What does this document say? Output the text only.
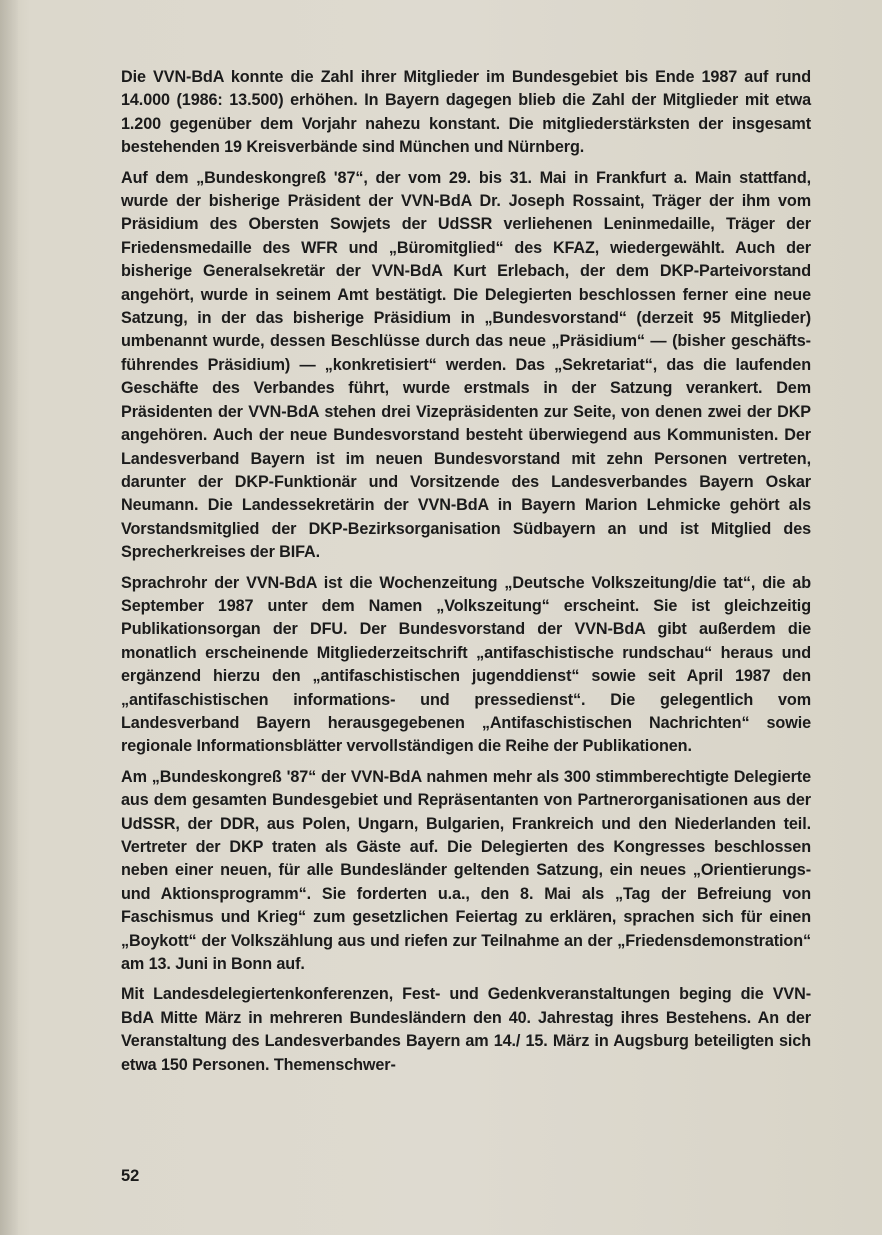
Die VVN-BdA konnte die Zahl ihrer Mitglieder im Bundesgebiet bis Ende 1987 auf rund 14.000 (1986: 13.500) erhöhen. In Bayern dagegen blieb die Zahl der Mitglieder mit etwa 1.200 gegenüber dem Vorjahr nahezu konstant. Die mitgliederstärksten der insgesamt bestehenden 19 Kreisverbände sind München und Nürnberg.

Auf dem „Bundeskongreß '87“, der vom 29. bis 31. Mai in Frankfurt a. Main stattfand, wurde der bisherige Präsident der VVN-BdA Dr. Joseph Rossaint, Träger der ihm vom Präsidium des Obersten Sowjets der UdSSR verliehenen Leninmedaille, Träger der Friedensmedaille des WFR und „Büromitglied“ des KFAZ, wiedergewählt. Auch der bisherige Generalsekretär der VVN-BdA Kurt Erlebach, der dem DKP-Parteivorstand angehört, wurde in seinem Amt bestätigt. Die Delegierten beschlossen ferner eine neue Satzung, in der das bisherige Präsidium in „Bundesvorstand“ (derzeit 95 Mitglieder) umbenannt wurde, dessen Beschlüsse durch das neue „Präsidium“ — (bisher geschäftsführendes Präsidium) — „konkretisiert“ werden. Das „Sekretariat“, das die laufenden Geschäfte des Verbandes führt, wurde erstmals in der Satzung verankert. Dem Präsidenten der VVN-BdA stehen drei Vizepräsidenten zur Seite, von denen zwei der DKP angehören. Auch der neue Bundesvorstand besteht überwiegend aus Kommunisten. Der Landesverband Bayern ist im neuen Bundesvorstand mit zehn Personen vertreten, darunter der DKP-Funktionär und Vorsitzende des Landesverbandes Bayern Oskar Neumann. Die Landessekretärin der VVN-BdA in Bayern Marion Lehmicke gehört als Vorstandsmitglied der DKP-Bezirksorganisation Südbayern an und ist Mitglied des Sprecherkreises der BIFA.

Sprachrohr der VVN-BdA ist die Wochenzeitung „Deutsche Volkszeitung/die tat“, die ab September 1987 unter dem Namen „Volkszeitung“ erscheint. Sie ist gleichzeitig Publikationsorgan der DFU. Der Bundesvorstand der VVN-BdA gibt außerdem die monatlich erscheinende Mitgliederzeitschrift „antifaschistische rundschau“ heraus und ergänzend hierzu den „antifaschistischen jugenddienst“ sowie seit April 1987 den „antifaschistischen informations- und pressedienst“. Die gelegentlich vom Landesverband Bayern herausgegebenen „Antifaschistischen Nachrichten“ sowie regionale Informationsblätter vervollständigen die Reihe der Publikationen.

Am „Bundeskongreß '87“ der VVN-BdA nahmen mehr als 300 stimmberechtigte Delegierte aus dem gesamten Bundesgebiet und Repräsentanten von Partnerorganisationen aus der UdSSR, der DDR, aus Polen, Ungarn, Bulgarien, Frankreich und den Niederlanden teil. Vertreter der DKP traten als Gäste auf. Die Delegierten des Kongresses beschlossen neben einer neuen, für alle Bundesländer geltenden Satzung, ein neues „Orientierungs- und Aktionsprogramm“. Sie forderten u.a., den 8. Mai als „Tag der Befreiung von Faschismus und Krieg“ zum gesetzlichen Feiertag zu erklären, sprachen sich für einen „Boykott“ der Volkszählung aus und riefen zur Teilnahme an der „Friedensdemonstration“ am 13. Juni in Bonn auf.

Mit Landesdelegiertenkonferenzen, Fest- und Gedenkveranstaltungen beging die VVN-BdA Mitte März in mehreren Bundesländern den 40. Jahrestag ihres Bestehens. An der Veranstaltung des Landesverbandes Bayern am 14./ 15. März in Augsburg beteiligten sich etwa 150 Personen. Themenschwer-

52
